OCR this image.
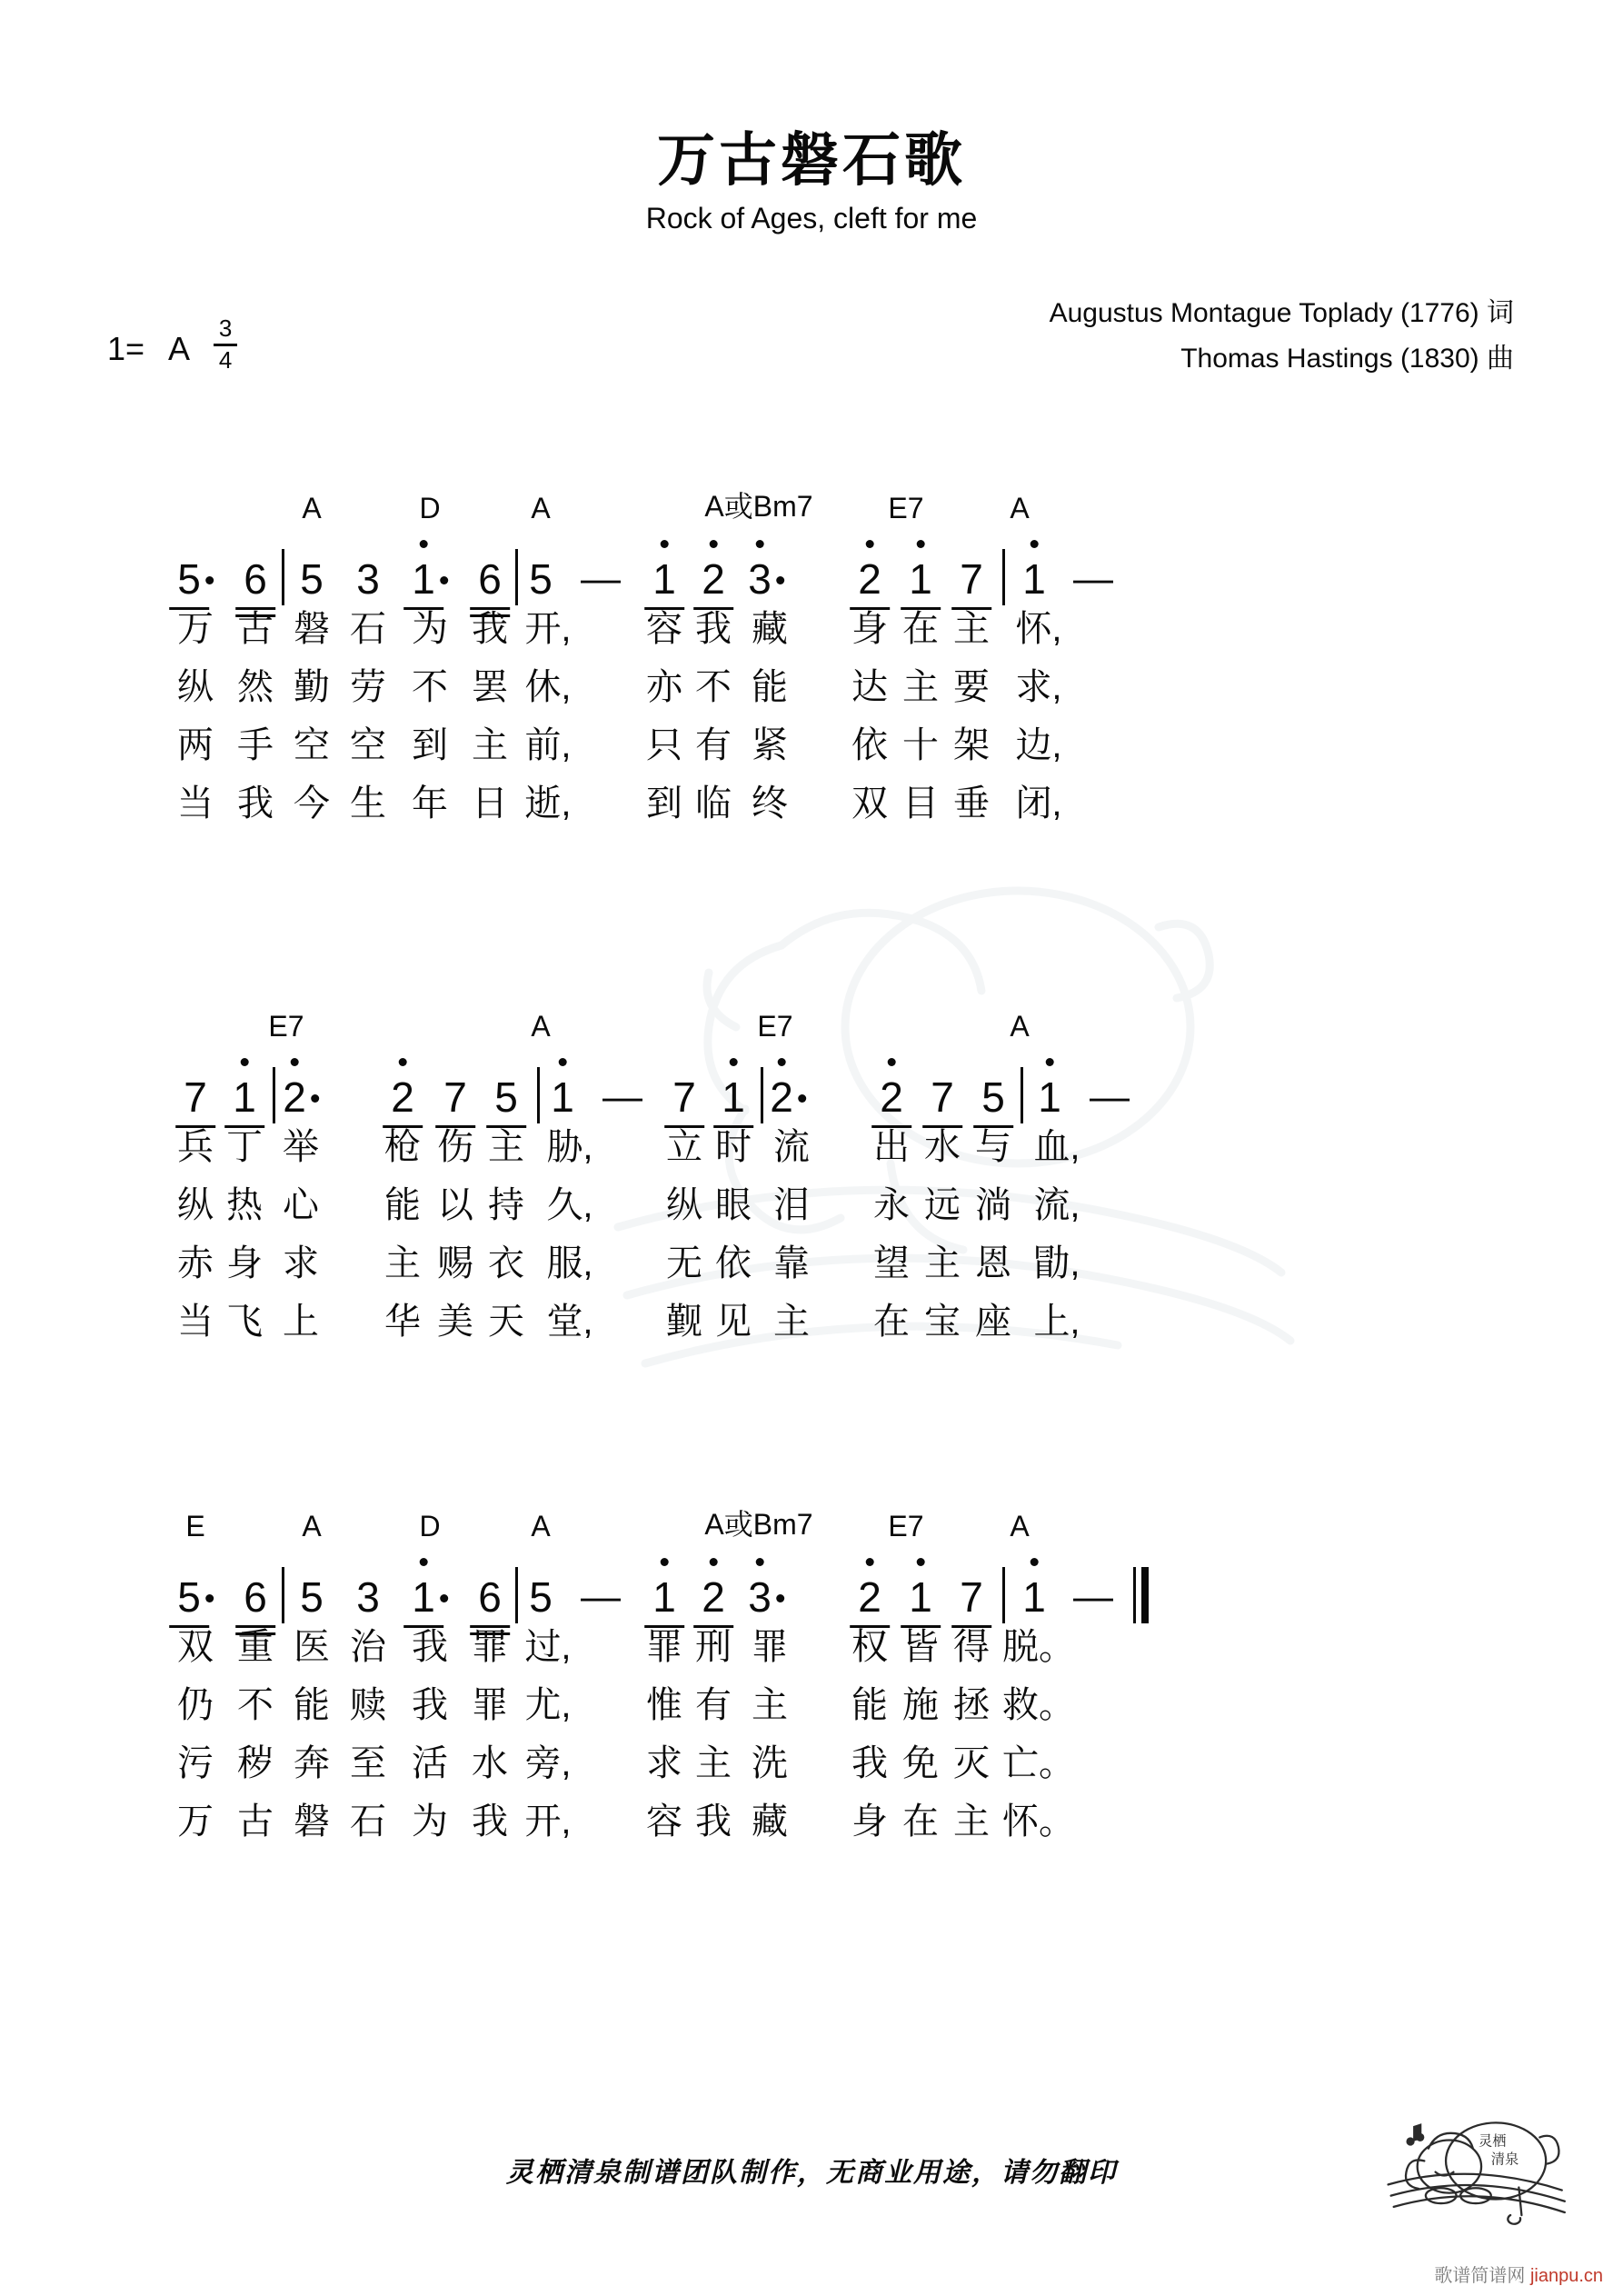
万古磐石歌
Rock of Ages, cleft for me
Augustus Montague Toplady (1776) 词
Thomas Hastings (1830) 曲
1= A
3
4
A	D	A	A或Bm7	E7	A
5	6 5 3 1	6 5 — 1 2 3	2 1 7 1 —
万 古 磐 石 为 我 开, 容 我 藏 身 在 主 怀,
纵 然 勤 劳 不 罢 休, 亦 不 能 达 主 要 求,
两 手 空 空 到 主 前, 只 有 紧 依 十 架 边,
当 我 今 生 年 日 逝, 到 临 终 双 目 垂 闭,
E7	A	E7	A
7 1 2	2 7 5 1 — 7 1 2	2 7 5 1 —
兵 丁 举 枪 伤 主 胁, 立 时 流 出 水 与 血,
纵 热 心 能 以 持 久, 纵 眼 泪 永 远 淌 流,
赤 身 求 主 赐 衣 服, 无 依 靠 望 主 恩 勖,
当 飞 上 华 美 天 堂, 觐 见 主 在 宝 座 上,
E	A	D	A	A或Bm7	E7	A
5	6 5 3 1	6 5 — 1 2 3	2 1 7 1 —
双 重 医 治 我 罪 过, 罪 刑 罪 权 皆 得 脱。
仍 不 能 赎 我 罪 尤, 惟 有 主 能 施 拯 救。
污 秽 奔 至 活 水 旁, 求 主 洗 我 免 灭 亡。
万 古 磐 石 为 我 开, 容 我 藏 身 在 主 怀。
灵栖清泉制谱团队制作，无商业用途，请勿翻印
灵栖
清泉
歌谱简谱网 jianpu.cn
